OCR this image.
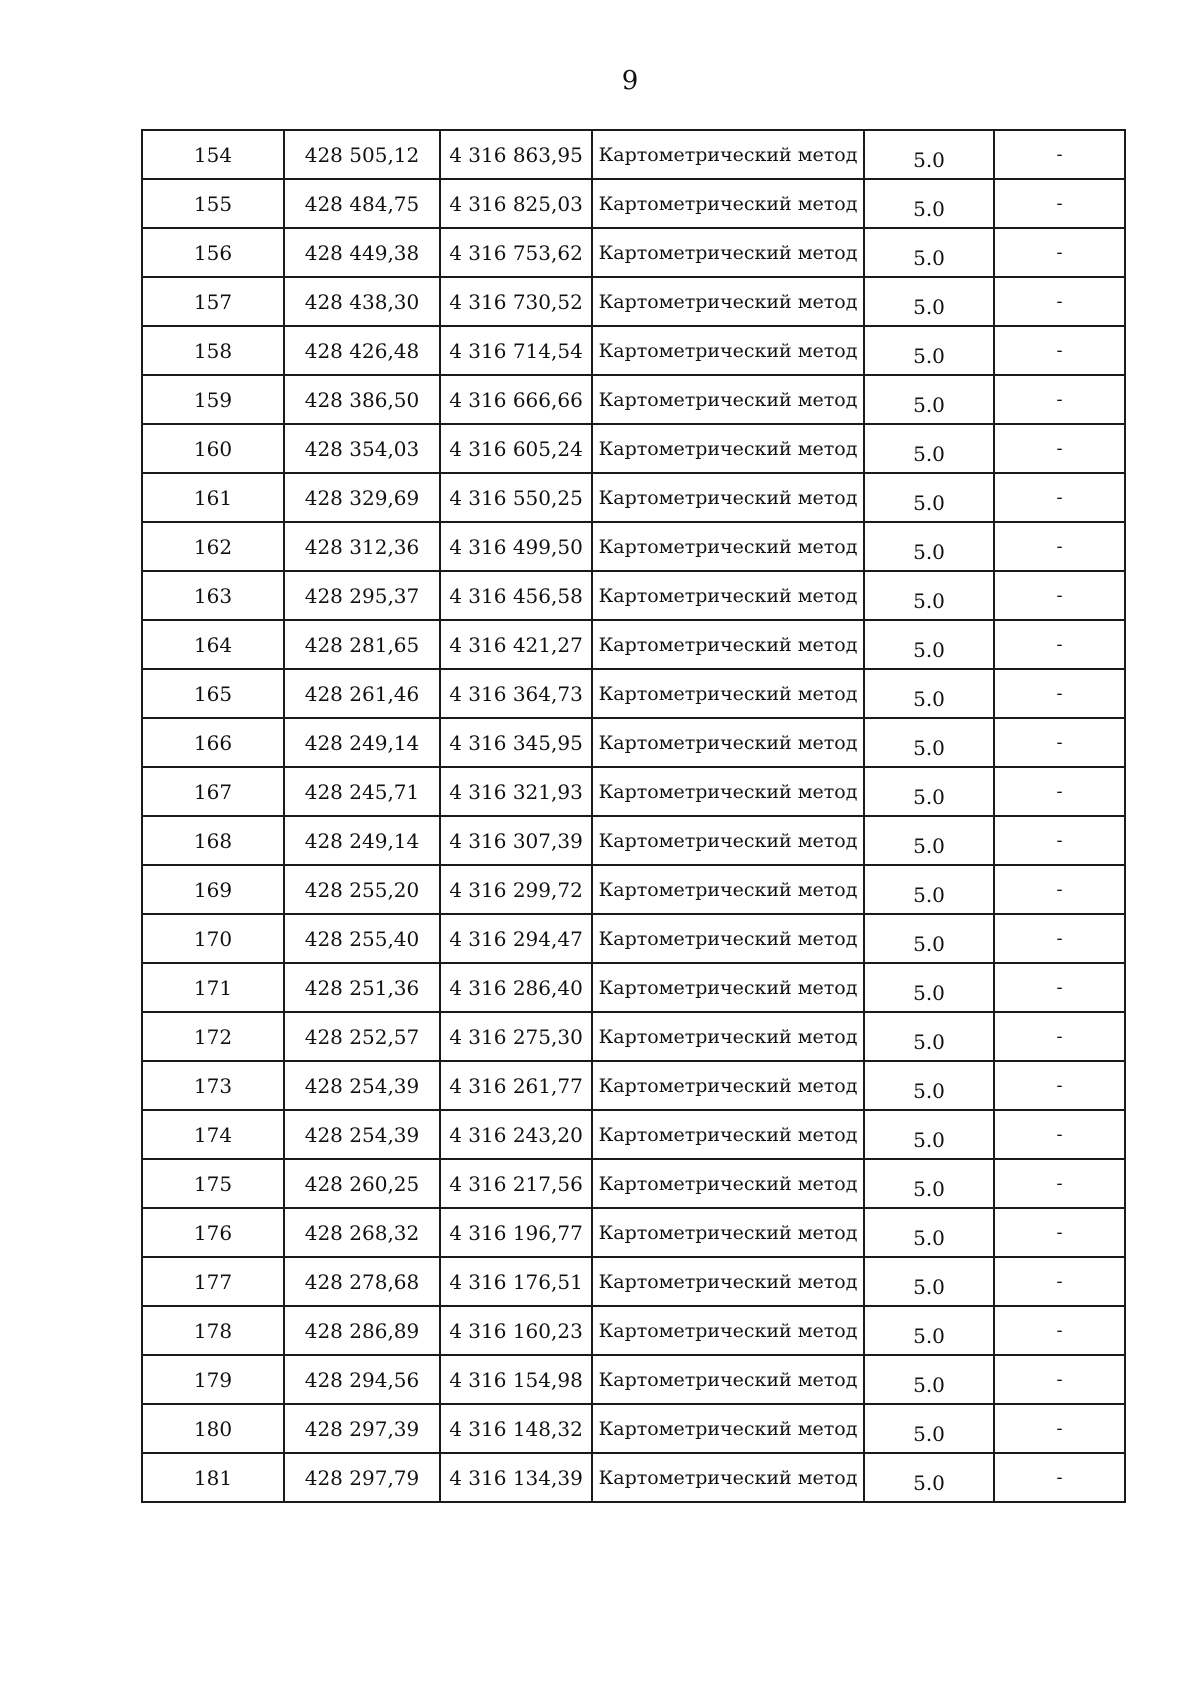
9
154	428 505,12	4 316 863,95	Картометрический метод	5.0	-
155	428 484,75	4 316 825,03	Картометрический метод	5.0	-
156	428 449,38	4 316 753,62	Картометрический метод	5.0	-
157	428 438,30	4 316 730,52	Картометрический метод	5.0	-
158	428 426,48	4 316 714,54	Картометрический метод	5.0	-
159	428 386,50	4 316 666,66	Картометрический метод	5.0	-
160	428 354,03	4 316 605,24	Картометрический метод	5.0	-
161	428 329,69	4 316 550,25	Картометрический метод	5.0	-
162	428 312,36	4 316 499,50	Картометрический метод	5.0	-
163	428 295,37	4 316 456,58	Картометрический метод	5.0	-
164	428 281,65	4 316 421,27	Картометрический метод	5.0	-
165	428 261,46	4 316 364,73	Картометрический метод	5.0	-
166	428 249,14	4 316 345,95	Картометрический метод	5.0	-
167	428 245,71	4 316 321,93	Картометрический метод	5.0	-
168	428 249,14	4 316 307,39	Картометрический метод	5.0	-
169	428 255,20	4 316 299,72	Картометрический метод	5.0	-
170	428 255,40	4 316 294,47	Картометрический метод	5.0	-
171	428 251,36	4 316 286,40	Картометрический метод	5.0	-
172	428 252,57	4 316 275,30	Картометрический метод	5.0	-
173	428 254,39	4 316 261,77	Картометрический метод	5.0	-
174	428 254,39	4 316 243,20	Картометрический метод	5.0	-
175	428 260,25	4 316 217,56	Картометрический метод	5.0	-
176	428 268,32	4 316 196,77	Картометрический метод	5.0	-
177	428 278,68	4 316 176,51	Картометрический метод	5.0	-
178	428 286,89	4 316 160,23	Картометрический метод	5.0	-
179	428 294,56	4 316 154,98	Картометрический метод	5.0	-
180	428 297,39	4 316 148,32	Картометрический метод	5.0	-
181	428 297,79	4 316 134,39	Картометрический метод	5.0	-
